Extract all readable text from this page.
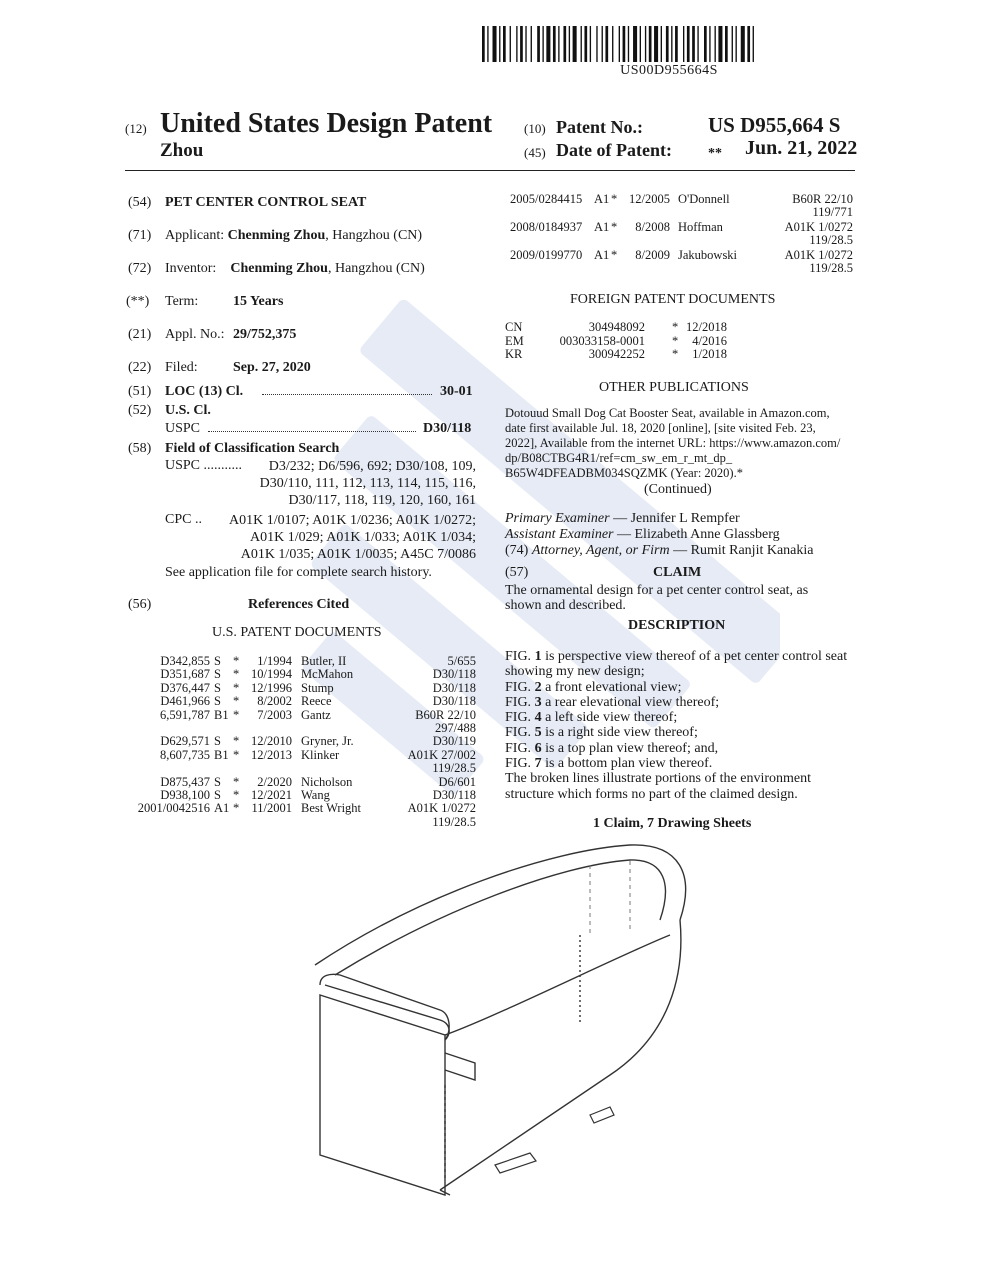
US00D955664S
(12) United States Design Patent
Zhou
(10) Patent No.:	US D955,664 S
(45) Date of Patent:	** Jun. 21, 2022
(54) PET CENTER CONTROL SEAT
(71) Applicant: Chenming Zhou, Hangzhou (CN)
(72) Inventor: Chenming Zhou, Hangzhou (CN)
(**) Term: 15 Years
(21) Appl. No.: 29/752,375
(22) Filed:	Sep. 27, 2020
(51) LOC (13) Cl.	30-01
(52) U.S. Cl.
USPC	D30/118
(58) Field of Classification Search
USPC ...........	D3/232; D6/596, 692; D30/108, 109,
D30/110, 111, 112, 113, 114, 115, 116,
D30/117, 118, 119, 120, 160, 161
CPC ..	A01K 1/0107; A01K 1/0236; A01K 1/0272;
A01K 1/029; A01K 1/033; A01K 1/034;
A01K 1/035; A01K 1/0035; A45C 7/0086
See application file for complete search history.
(56)	References Cited
U.S. PATENT DOCUMENTS
D342,855 S *	1/1994 Butler, II	5/655
D351,687 S * 10/1994 McMahon	D30/118
D376,447 S * 12/1996 Stump	D30/118
D461,966 S *	8/2002 Reece	D30/118
6,591,787 B1 *	7/2003 Gantz	B60R 22/10
297/488
D629,571 S * 12/2010 Gryner, Jr.	D30/119
8,607,735 B1 * 12/2013 Klinker	A01K 27/002
119/28.5
D875,437 S *	2/2020 Nicholson	D6/601
D938,100 S * 12/2021 Wang	D30/118
2001/0042516 A1 * 11/2001 Best Wright	A01K 1/0272
119/28.5
2005/0284415 A1 * 12/2005 O'Donnell	B60R 22/10
119/771
2008/0184937 A1 *	8/2008 Hoffman	A01K 1/0272
119/28.5
2009/0199770 A1 *	8/2009 Jakubowski	A01K 1/0272
119/28.5
FOREIGN PATENT DOCUMENTS
CN	304948092 * 12/2018
EM	003033158-0001 *	4/2016
KR	300942252 *	1/2018
OTHER PUBLICATIONS
Dotouud Small Dog Cat Booster Seat, available in Amazon.com,
date first available Jul. 18, 2020 [online], [site visited Feb. 23,
2022], Available from the internet URL: https://www.amazon.com/
dp/B08CTBG4R1/ref=cm_sw_em_r_mt_dp_
B65W4DFEADBM034SQZMK (Year: 2020).*
(Continued)
Primary Examiner — Jennifer L Rempfer
Assistant Examiner — Elizabeth Anne Glassberg
(74) Attorney, Agent, or Firm — Rumit Ranjit Kanakia
(57)	CLAIM
The ornamental design for a pet center control seat, as
shown and described.
DESCRIPTION
FIG. 1 is perspective view thereof of a pet center control seat
showing my new design;
FIG. 2 a front elevational view;
FIG. 3 a rear elevational view thereof;
FIG. 4 a left side view thereof;
FIG. 5 is a right side view thereof;
FIG. 6 is a top plan view thereof; and,
FIG. 7 is a bottom plan view thereof.
The broken lines illustrate portions of the environment
structure which forms no part of the claimed design.
1 Claim, 7 Drawing Sheets
